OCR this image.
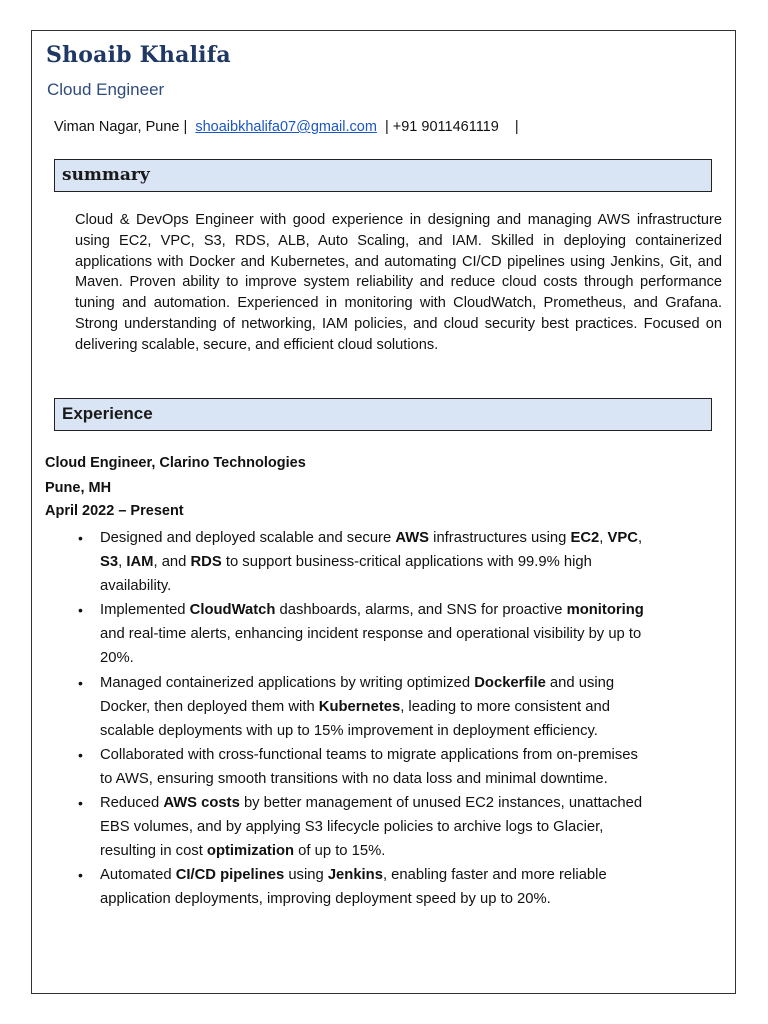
Shoaib Khalifa
Cloud Engineer
Viman Nagar, Pune |  shoaibkhalifa07@gmail.com  | +91 9011461119    |
summary
Cloud & DevOps Engineer with good experience in designing and managing AWS infrastructure using EC2, VPC, S3, RDS, ALB, Auto Scaling, and IAM. Skilled in deploying containerized applications with Docker and Kubernetes, and automating CI/CD pipelines using Jenkins, Git, and Maven. Proven ability to improve system reliability and reduce cloud costs through performance tuning and automation. Experienced in monitoring with CloudWatch, Prometheus, and Grafana. Strong understanding of networking, IAM policies, and cloud security best practices. Focused on delivering scalable, secure, and efficient cloud solutions.
Experience
Cloud Engineer, Clarino Technologies
Pune, MH
April 2022 – Present
• Designed and deployed scalable and secure AWS infrastructures using EC2, VPC, S3, IAM, and RDS to support business-critical applications with 99.9% high availability.
• Implemented CloudWatch dashboards, alarms, and SNS for proactive monitoring and real-time alerts, enhancing incident response and operational visibility by up to 20%.
• Managed containerized applications by writing optimized Dockerfile and using Docker, then deployed them with Kubernetes, leading to more consistent and scalable deployments with up to 15% improvement in deployment efficiency.
• Collaborated with cross-functional teams to migrate applications from on-premises to AWS, ensuring smooth transitions with no data loss and minimal downtime.
• Reduced AWS costs by better management of unused EC2 instances, unattached EBS volumes, and by applying S3 lifecycle policies to archive logs to Glacier, resulting in cost optimization of up to 15%.
• Automated CI/CD pipelines using Jenkins, enabling faster and more reliable application deployments, improving deployment speed by up to 20%.
